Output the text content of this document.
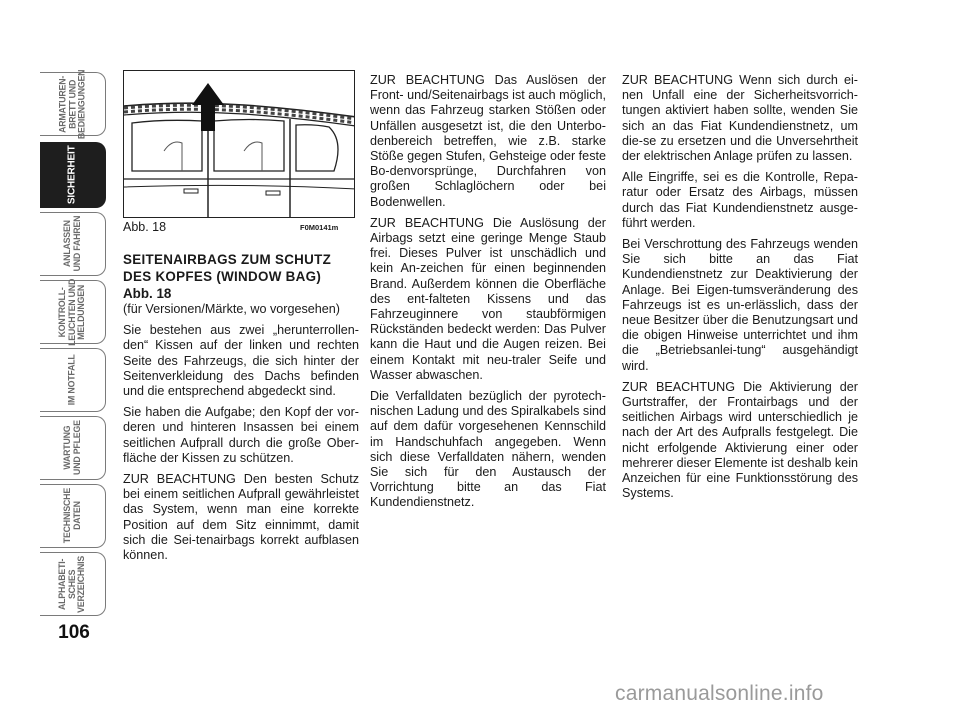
ARMATUREN-
BRETT UND
BEDIENGUNGEN
SICHERHEIT
ANLASSEN
UND FAHREN
KONTROLL-
LEUCHTEN UND
MELDUNGEN
IM NOTFALL
WARTUNG
UND PFLEGE
TECHNISCHE
DATEN
ALPHABETI-
SCHES
VERZEICHNIS
106
Abb. 18	F0M0141m
SEITENAIRBAGS ZUM SCHUTZ DES KOPFES (WINDOW BAG)
Abb. 18

(für Versionen/Märkte, wo vorgesehen)

Sie bestehen aus zwei „herunterrollen-den“ Kissen auf der linken und rechten Seite des Fahrzeugs, die sich hinter der Seitenverkleidung des Dachs befinden und die entsprechend abgedeckt sind.

Sie haben die Aufgabe; den Kopf der vor-deren und hinteren Insassen bei einem seitlichen Aufprall durch die große Ober-fläche der Kissen zu schützen.

ZUR BEACHTUNG Den besten Schutz bei einem seitlichen Aufprall gewährleistet das System, wenn man eine korrekte Position auf dem Sitz einnimmt, damit sich die Sei-tenairbags korrekt aufblasen können.

ZUR BEACHTUNG Das Auslösen der Front- und/Seitenairbags ist auch möglich, wenn das Fahrzeug starken Stößen oder Unfällen ausgesetzt ist, die den Unterbo-denbereich betreffen, wie z.B. starke Stöße gegen Stufen, Gehsteige oder feste Bo-denvorsprünge, Durchfahren von großen Schlaglöchern oder bei Bodenwellen.

ZUR BEACHTUNG Die Auslösung der Airbags setzt eine geringe Menge Staub frei. Dieses Pulver ist unschädlich und kein An-zeichen für einen beginnenden Brand. Außerdem können die Oberfläche des ent-falteten Kissens und das Fahrzeuginnere von staubförmigen Rückständen bedeckt werden: Das Pulver kann die Haut und die Augen reizen. Bei einem Kontakt mit neu-traler Seife und Wasser abwaschen.

Die Verfalldaten bezüglich der pyrotech-nischen Ladung und des Spiralkabels sind auf dem dafür vorgesehenen Kennschild im Handschuhfach angegeben. Wenn sich diese Verfalldaten nähern, wenden Sie sich für den Austausch der Vorrichtung bitte an das Fiat Kundendienstnetz.

ZUR BEACHTUNG Wenn sich durch ei-nen Unfall eine der Sicherheitsvorrich-tungen aktiviert haben sollte, wenden Sie sich an das Fiat Kundendienstnetz, um die-se zu ersetzen und die Unversehrtheit der elektrischen Anlage prüfen zu lassen.

Alle Eingriffe, sei es die Kontrolle, Repa-ratur oder Ersatz des Airbags, müssen durch das Fiat Kundendienstnetz ausge-führt werden.

Bei Verschrottung des Fahrzeugs wenden Sie sich bitte an das Fiat Kundendienstnetz zur Deaktivierung der Anlage. Bei Eigen-tumsveränderung des Fahrzeugs ist es un-erlässlich, dass der neue Besitzer über die Benutzungsart und die obigen Hinweise unterrichtet und ihm die „Betriebsanlei-tung“ ausgehändigt wird.

ZUR BEACHTUNG Die Aktivierung der Gurtstraffer, der Frontairbags und der seitlichen Airbags wird unterschiedlich je nach der Art des Aufpralls festgelegt. Die nicht erfolgende Aktivierung einer oder mehrerer dieser Elemente ist deshalb kein Anzeichen für eine Funktionsstörung des Systems.

carmanualsonline.info
